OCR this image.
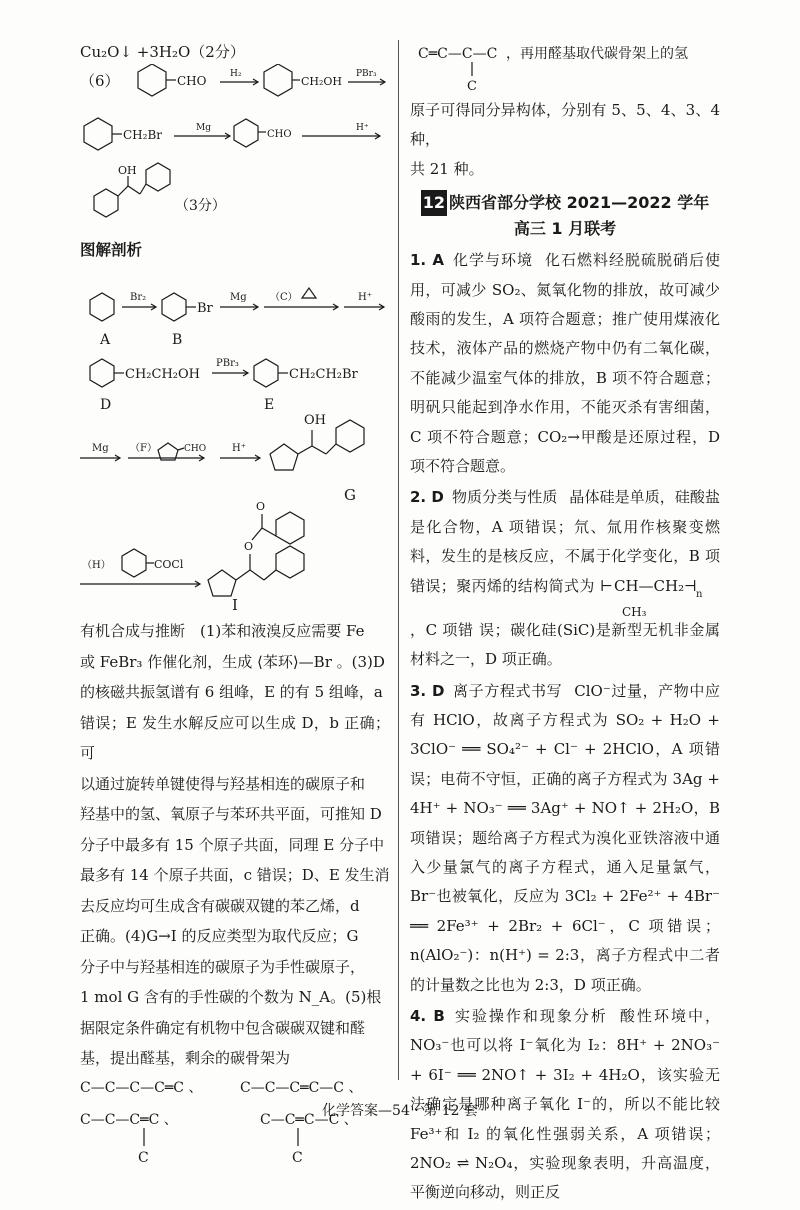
Cu₂O↓ +3H₂O（2分）
（6）	CHO	H₂
CH₂OH
PBr₃
CH₂Br	Mg
CHO
H⁺
OH
（3分）
图解剖析
Br₂
Br
Mg （C）	H⁺
A	B
CH₂CH₂OH
PBr₃
CH₂CH₂Br
D	E
Mg （F）	CHO	H⁺
OH
G
COCl
（H）
O
O
I
有机合成与推断　(1)苯和液溴反应需要 Fe
或 FeBr₃ 作催化剂，生成 ⟨苯环⟩—Br 。(3)D
的核磁共振氢谱有 6 组峰，E 的有 5 组峰，a
错误；E 发生水解反应可以生成 D，b 正确；可
以通过旋转单键使得与羟基相连的碳原子和
羟基中的氢、氧原子与苯环共平面，可推知 D
分子中最多有 15 个原子共面，同理 E 分子中
最多有 14 个原子共面，c 错误；D、E 发生消
去反应均可生成含有碳碳双键的苯乙烯，d
正确。(4)G→I 的反应类型为取代反应；G
分子中与羟基相连的碳原子为手性碳原子，
1 mol G 含有的手性碳的个数为 N_A。(5)根
据限定条件确定有机物中包含碳碳双键和醛
基，提出醛基，剩余的碳骨架为
C—C—C—C═C 、	C—C—C═C—C 、
C—C—C═C 、	C—C═C—C 、
C	C
C═C—C—C ，再用醛基取代碳骨架上的氢
C
原子可得同分异构体，分别有 5、5、4、3、4 种，
共 21 种。
12 陕西省部分学校 2021—2022 学年
高三 1 月联考
1. A 化学与环境 化石燃料经脱硫脱硝后使用，可减少 SO₂、氮氧化物的排放，故可减少酸雨的发生，A 项符合题意；推广使用煤液化技术，液体产品的燃烧产物中仍有二氧化碳，不能减少温室气体的排放，B 项不符合题意；明矾只能起到净水作用，不能灭杀有害细菌，C 项不符合题意；CO₂→甲酸是还原过程，D 项不符合题意。
2. D 物质分类与性质 晶体硅是单质，硅酸盐是化合物，A 项错误；氘、氚用作核聚变燃料，发生的是核反应，不属于化学变化，B 项错误；聚丙烯的结构简式为 ⊢ CH—CH₂ ⊣ n
CH₃
，C 项错 误；碳化硅(SiC)是新型无机非金属材料之一，D 项正确。
3. D 离子方程式书写 ClO⁻过量，产物中应有 HClO，故离子方程式为 SO₂ + H₂O + 3ClO⁻ ══ SO₄²⁻ + Cl⁻ + 2HClO，A 项错误；电荷不守恒，正确的离子方程式为 3Ag + 4H⁺ + NO₃⁻ ══ 3Ag⁺ + NO↑ + 2H₂O，B 项错误；题给离子方程式为溴化亚铁溶液中通入少量氯气的离子方程式，通入足量氯气，Br⁻也被氧化，反应为 3Cl₂ + 2Fe²⁺ + 4Br⁻ ══ 2Fe³⁺ + 2Br₂ + 6Cl⁻，C 项错误；n(AlO₂⁻)：n(H⁺) = 2:3，离子方程式中二者的计量数之比也为 2:3，D 项正确。
4. B 实验操作和现象分析 酸性环境中，NO₃⁻也可以将 I⁻氧化为 I₂：8H⁺ + 2NO₃⁻ + 6I⁻ ══ 2NO↑ + 3I₂ + 4H₂O，该实验无法确定是哪种离子氧化 I⁻的，所以不能比较 Fe³⁺和 I₂ 的氧化性强弱关系，A 项错误；2NO₂ ⇌ N₂O₄，实验现象表明，升高温度，平衡逆向移动，则正反
化学答案—54 · 第 12 套
